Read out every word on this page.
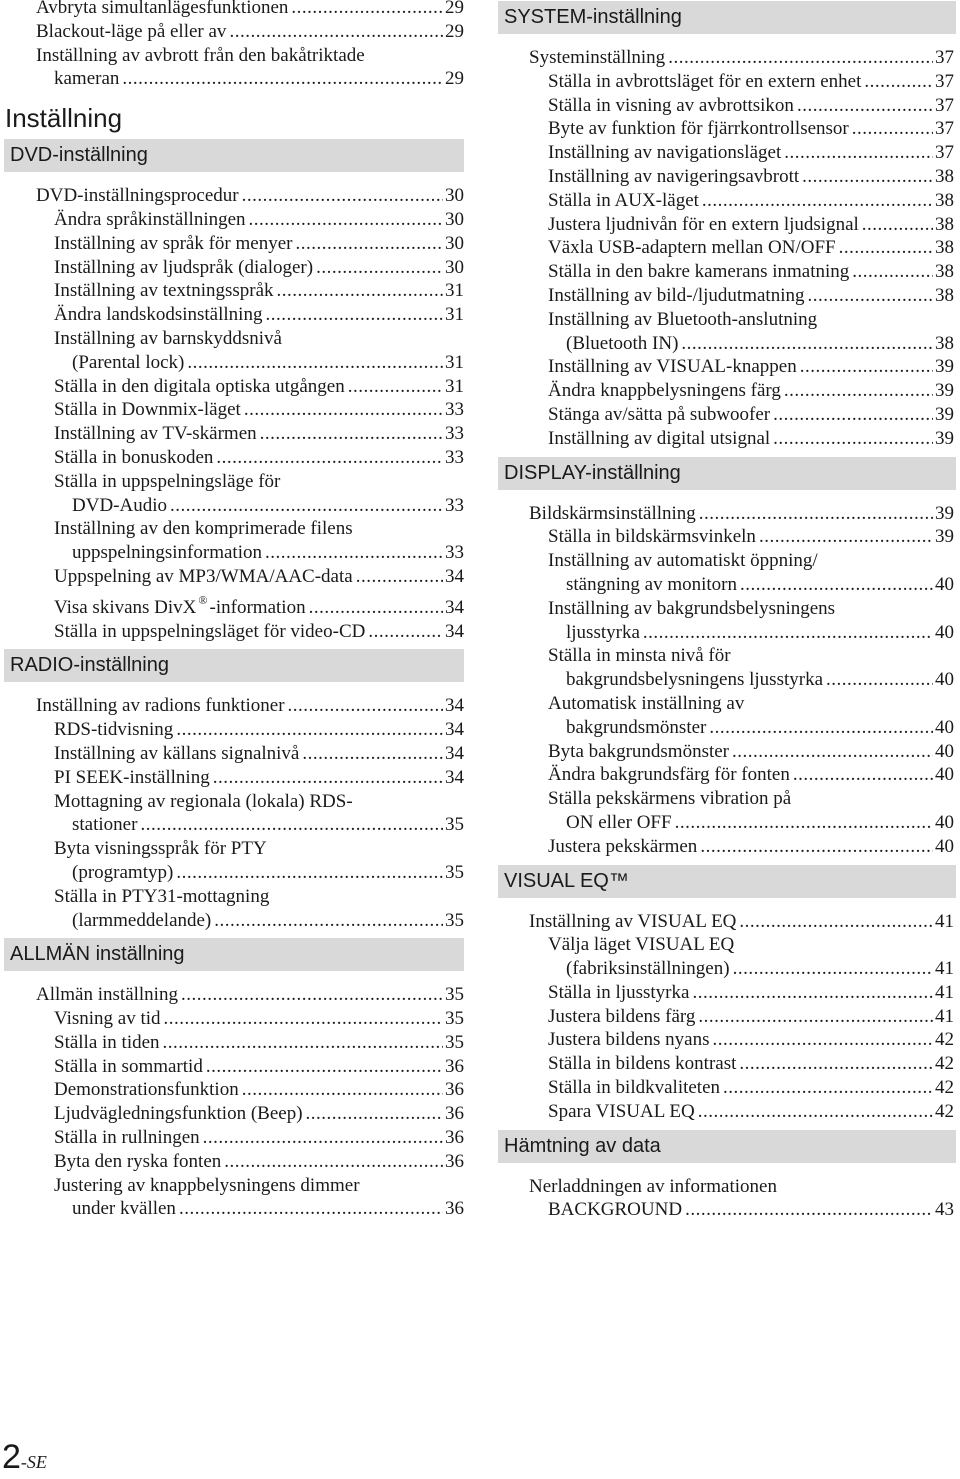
Avbryta simultanlägesfunktionen .....	29
Blackout-läge på eller av .....	29
Inställning av avbrott från den bakåtriktade
kameran .....	29
Inställning
DVD-inställning
DVD-inställningsprocedur .....	30
Ändra språkinställningen .....	30
Inställning av språk för menyer .....	30
Inställning av ljudspråk (dialoger) .....	30
Inställning av textningsspråk .....	31
Ändra landskodsinställning .....	31
Inställning av barnskyddsnivå
(Parental lock) .....	31
Ställa in den digitala optiska utgången .....	31
Ställa in Downmix-läget .....	33
Inställning av TV-skärmen .....	33
Ställa in bonuskoden .....	33
Ställa in uppspelningsläge för
DVD-Audio .....	33
Inställning av den komprimerade filens
uppspelningsinformation .....	33
Uppspelning av MP3/WMA/AAC-data .....	34
Visa skivans DivX ® -information .....	34
Ställa in uppspelningsläget för video-CD .....	34
RADIO-inställning
Inställning av radions funktioner .....	34
RDS-tidvisning .....	34
Inställning av källans signalnivå .....	34
PI SEEK-inställning .....	34
Mottagning av regionala (lokala) RDS-
stationer .....	35
Byta visningsspråk för PTY
(programtyp) .....	35
Ställa in PTY31-mottagning
(larmmeddelande) .....	35
ALLMÄN inställning
Allmän inställning .....	35
Visning av tid .....	35
Ställa in tiden .....	35
Ställa in sommartid .....	36
Demonstrationsfunktion .....	36
Ljudvägledningsfunktion (Beep) .....	36
Ställa in rullningen .....	36
Byta den ryska fonten .....	36
Justering av knappbelysningens dimmer
under kvällen .....	36
SYSTEM-inställning
Systeminställning .....	37
Ställa in avbrottsläget för en extern enhet .....	37
Ställa in visning av avbrottsikon .....	37
Byte av funktion för fjärrkontrollsensor .....	37
Inställning av navigationsläget .....	37
Inställning av navigeringsavbrott .....	38
Ställa in AUX-läget .....	38
Justera ljudnivån för en extern ljudsignal .....	38
Växla USB-adaptern mellan ON/OFF .....	38
Ställa in den bakre kamerans inmatning .....	38
Inställning av bild-/ljudutmatning .....	38
Inställning av Bluetooth-anslutning
(Bluetooth IN) .....	38
Inställning av VISUAL-knappen .....	39
Ändra knappbelysningens färg .....	39
Stänga av/sätta på subwoofer .....	39
Inställning av digital utsignal .....	39
DISPLAY-inställning
Bildskärmsinställning .....	39
Ställa in bildskärmsvinkeln .....	39
Inställning av automatiskt öppning/
stängning av monitorn .....	40
Inställning av bakgrundsbelysningens
ljusstyrka .....	40
Ställa in minsta nivå för
bakgrundsbelysningens ljusstyrka .....	40
Automatisk inställning av
bakgrundsmönster .....	40
Byta bakgrundsmönster .....	40
Ändra bakgrundsfärg för fonten .....	40
Ställa pekskärmens vibration på
ON eller OFF .....	40
Justera pekskärmen .....	40
VISUAL EQ™
Inställning av VISUAL EQ .....	41
Välja läget VISUAL EQ
(fabriksinställningen) .....	41
Ställa in ljusstyrka .....	41
Justera bildens färg .....	41
Justera bildens nyans .....	42
Ställa in bildens kontrast .....	42
Ställa in bildkvaliteten .....	42
Spara VISUAL EQ .....	42
Hämtning av data
Nerladdningen av informationen
BACKGROUND .....	43
2-SE
